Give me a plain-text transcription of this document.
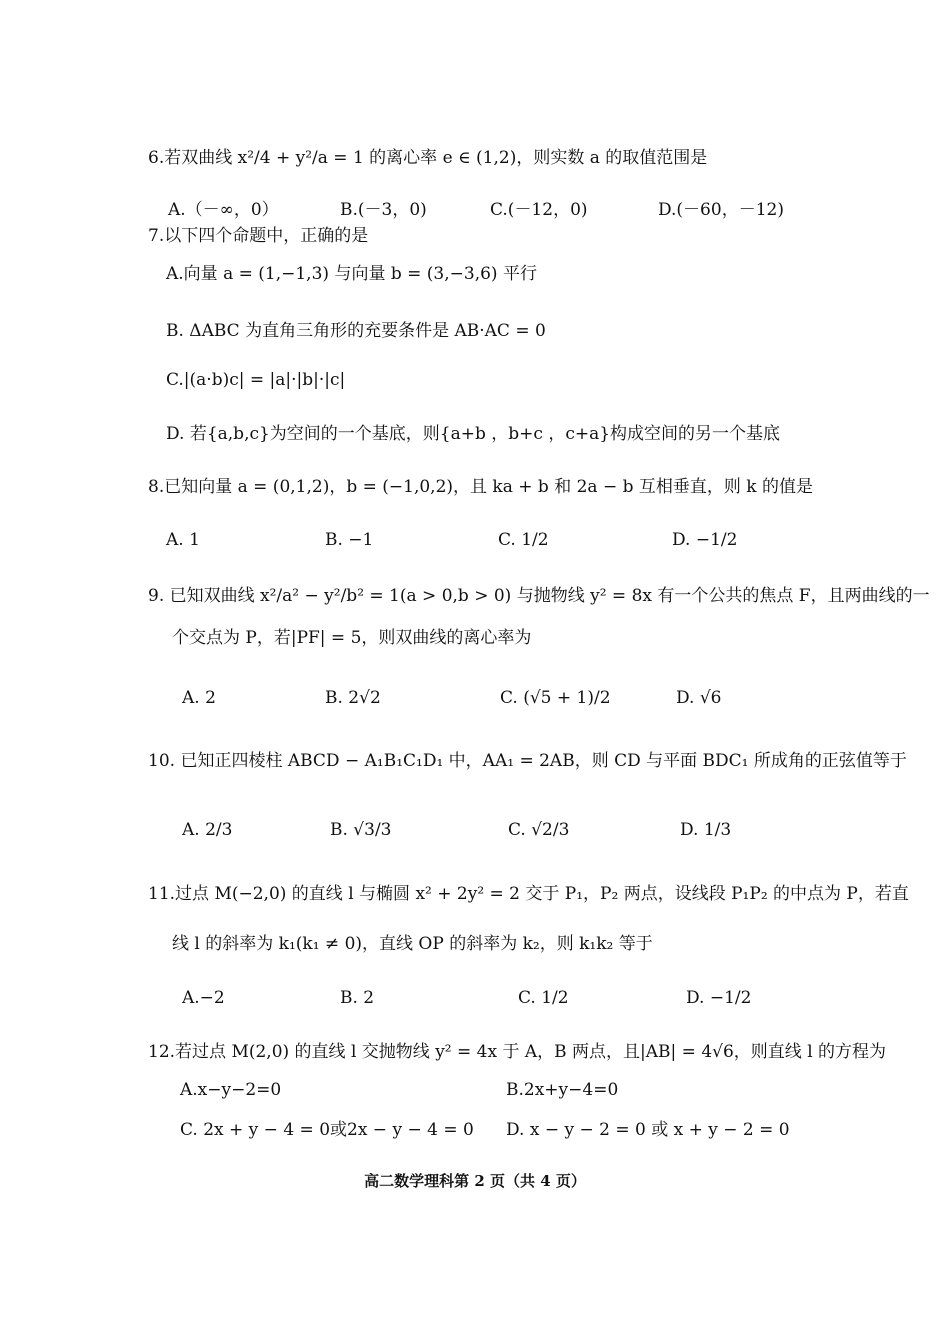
6.若双曲线 x²/4 + y²/a = 1 的离心率 e ∈ (1,2)，则实数 a 的取值范围是
A.（－∞，0）	B.(－3，0)	C.(－12，0)	D.(－60，－12)
7.以下四个命题中，正确的是
A.向量 a = (1,−1,3) 与向量 b = (3,−3,6) 平行
B. ΔABC 为直角三角形的充要条件是 AB·AC = 0
C.|(a·b)c| = |a|·|b|·|c|
D. 若{a,b,c}为空间的一个基底，则{a+b ，b+c ，c+a}构成空间的另一个基底
8.已知向量 a = (0,1,2)，b = (−1,0,2)，且 ka + b 和 2a − b 互相垂直，则 k 的值是
A. 1	B. −1	C. 1/2	D. −1/2
9. 已知双曲线 x²/a² − y²/b² = 1(a > 0,b > 0) 与抛物线 y² = 8x 有一个公共的焦点 F，且两曲线的一
个交点为 P，若|PF| = 5，则双曲线的离心率为
A. 2	B. 2√2	C. (√5 + 1)/2	D. √6
10. 已知正四棱柱 ABCD − A₁B₁C₁D₁ 中，AA₁ = 2AB，则 CD 与平面 BDC₁ 所成角的正弦值等于
A. 2/3	B. √3/3	C. √2/3	D. 1/3
11.过点 M(−2,0) 的直线 l 与椭圆 x² + 2y² = 2 交于 P₁，P₂ 两点，设线段 P₁P₂ 的中点为 P，若直
线 l 的斜率为 k₁(k₁ ≠ 0)，直线 OP 的斜率为 k₂，则 k₁k₂ 等于
A.−2	B. 2	C. 1/2	D. −1/2
12.若过点 M(2,0) 的直线 l 交抛物线 y² = 4x 于 A，B 两点，且|AB| = 4√6，则直线 l 的方程为
A.x−y−2=0	B.2x+y−4=0
C. 2x + y − 4 = 0或2x − y − 4 = 0 D. x − y − 2 = 0 或 x + y − 2 = 0
高二数学理科第 2 页（共 4 页）
